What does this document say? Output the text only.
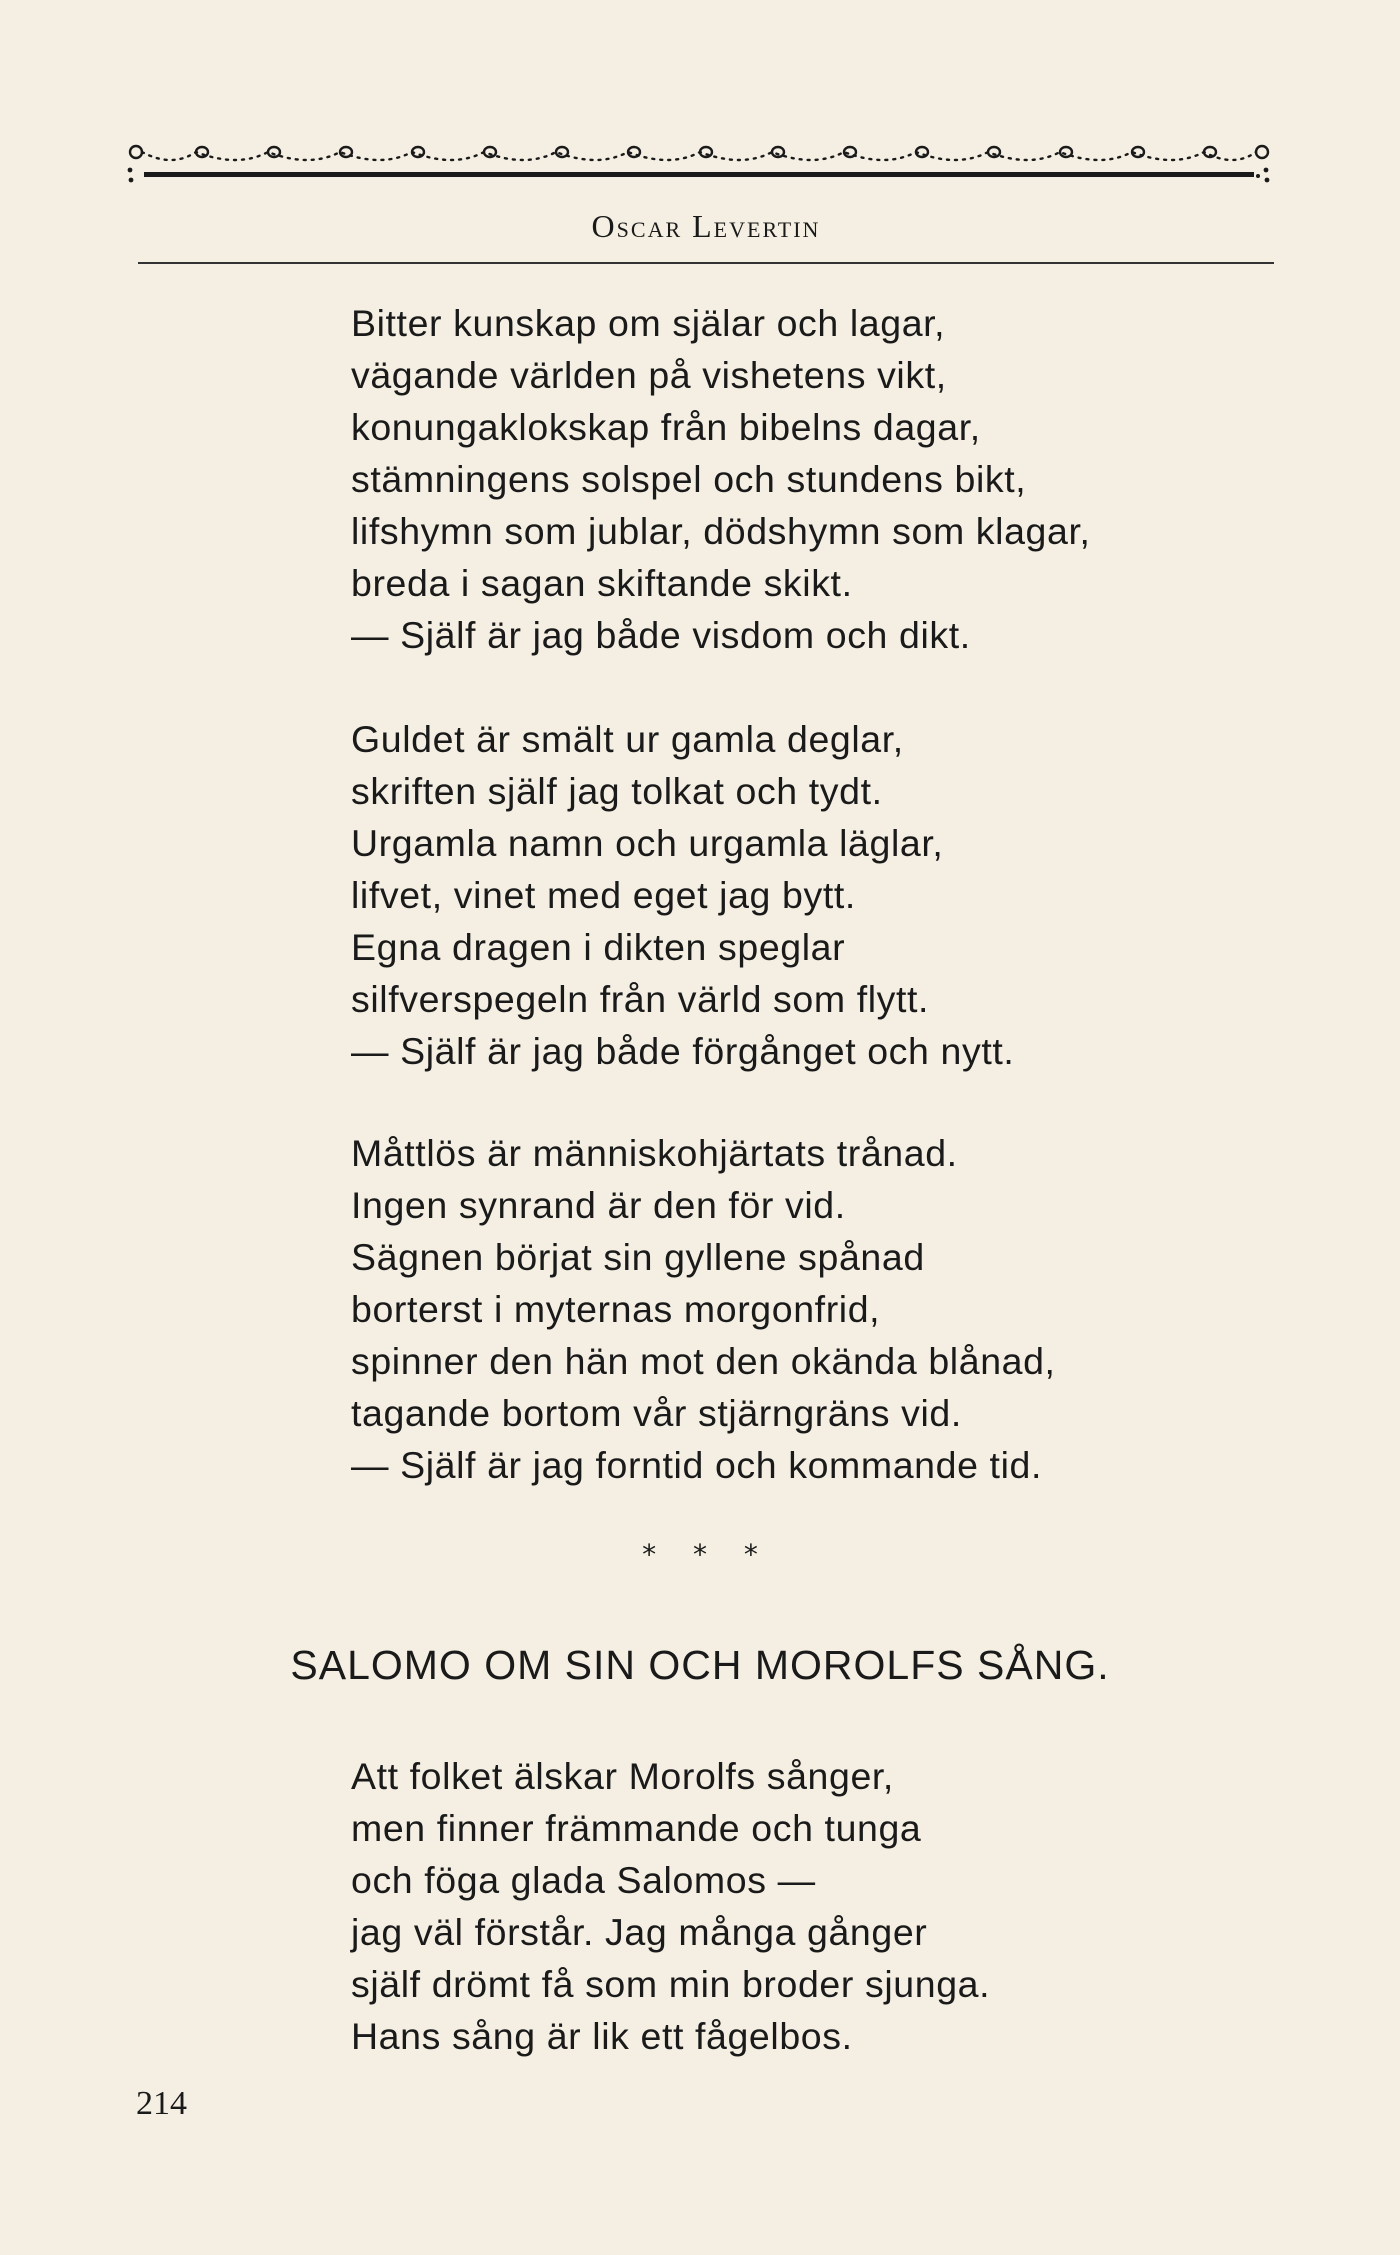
Oscar Levertin
Bitter kunskap om själar och lagar,
vägande världen på vishetens vikt,
konungaklokskap från bibelns dagar,
stämningens solspel och stundens bikt,
lifshymn som jublar, dödshymn som klagar,
breda i sagan skiftande skikt.
— Själf är jag både visdom och dikt.
Guldet är smält ur gamla deglar,
skriften själf jag tolkat och tydt.
Urgamla namn och urgamla läglar,
lifvet, vinet med eget jag bytt.
Egna dragen i dikten speglar
silfverspegeln från värld som flytt.
— Själf är jag både förgånget och nytt.
Måttlös är människohjärtats trånad.
Ingen synrand är den för vid.
Sägnen börjat sin gyllene spånad
borterst i myternas morgonfrid,
spinner den hän mot den okända blånad,
tagande bortom vår stjärngräns vid.
— Själf är jag forntid och kommande tid.
* * *
SALOMO OM SIN OCH MOROLFS SÅNG.
Att folket älskar Morolfs sånger,
men finner främmande och tunga
och föga glada Salomos —
jag väl förstår. Jag många gånger
själf drömt få som min broder sjunga.
Hans sång är lik ett fågelbos.
214
